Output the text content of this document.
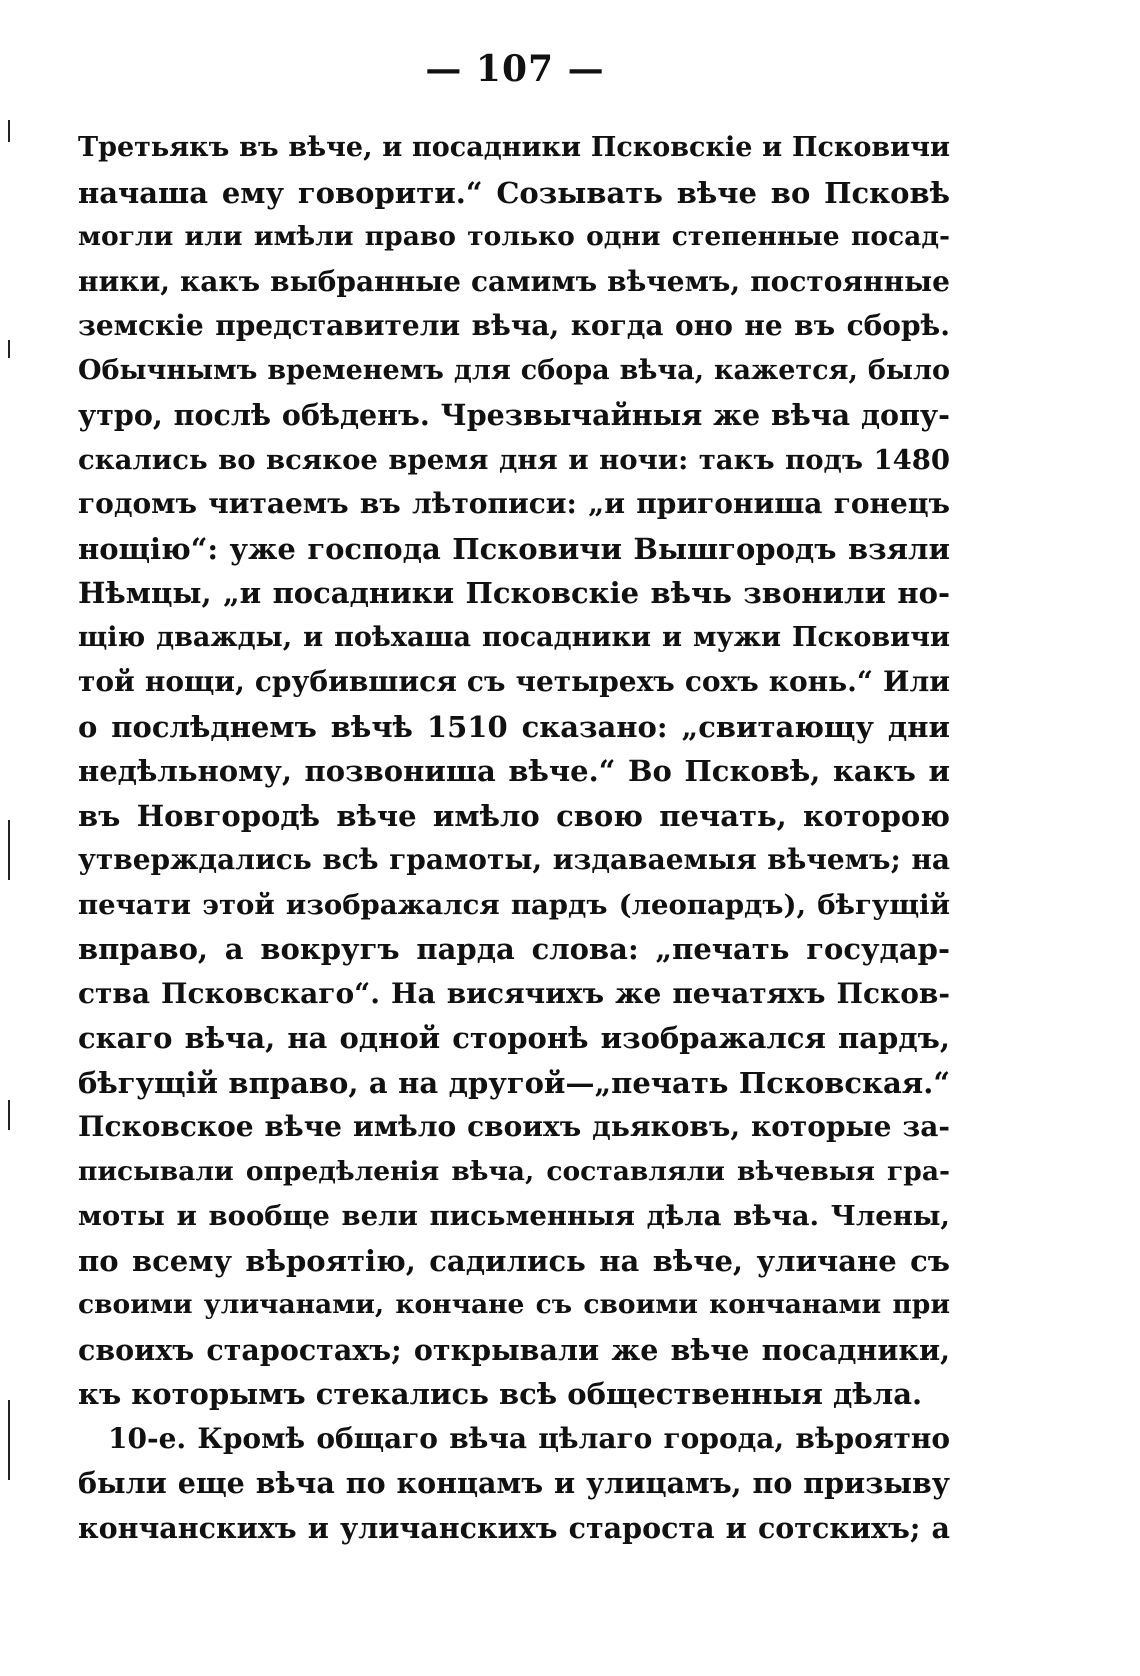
— 107 —
Третьякъ въ вѣче, и посадники Псковскіе и Псковичи
начаша ему говорити.“ Созывать вѣче во Псковѣ
могли или имѣли право только одни степенные посад-
ники, какъ выбранные самимъ вѣчемъ, постоянные
земскіе представители вѣча, когда оно не въ сборѣ.
Обычнымъ временемъ для сбора вѣча, кажется, было
утро, послѣ обѣденъ. Чрезвычайныя же вѣча допу-
скались во всякое время дня и ночи: такъ подъ 1480
годомъ читаемъ въ лѣтописи: „и пригониша гонецъ
нощію“: уже господа Псковичи Вышгородъ взяли
Нѣмцы, „и посадники Псковскіе вѣчь звонили но-
щію дважды, и поѣхаша посадники и мужи Псковичи
той нощи, срубившися съ четырехъ сохъ конь.“ Или
о послѣднемъ вѣчѣ 1510 сказано: „свитающу дни
недѣльному, позвониша вѣче.“ Во Псковѣ, какъ и
въ Новгородѣ вѣче имѣло свою печать, которою
утверждались всѣ грамоты, издаваемыя вѣчемъ; на
печати этой изображался пардъ (леопардъ), бѣгущій
вправо, а вокругъ парда слова: „печать государ-
ства Псковскаго“. На висячихъ же печатяхъ Псков-
скаго вѣча, на одной сторонѣ изображался пардъ,
бѣгущій вправо, а на другой—„печать Псковская.“
Псковское вѣче имѣло своихъ дьяковъ, которые за-
писывали опредѣленія вѣча, составляли вѣчевыя гра-
моты и вообще вели письменныя дѣла вѣча. Члены,
по всему вѣроятію, садились на вѣче, уличане съ
своими уличанами, кончане съ своими кончанами при
своихъ старостахъ; открывали же вѣче посадники,
къ которымъ стекались всѣ общественныя дѣла.
10-е. Кромѣ общаго вѣча цѣлаго города, вѣроятно
были еще вѣча по концамъ и улицамъ, по призыву
кончанскихъ и уличанскихъ староста и сотскихъ; а
